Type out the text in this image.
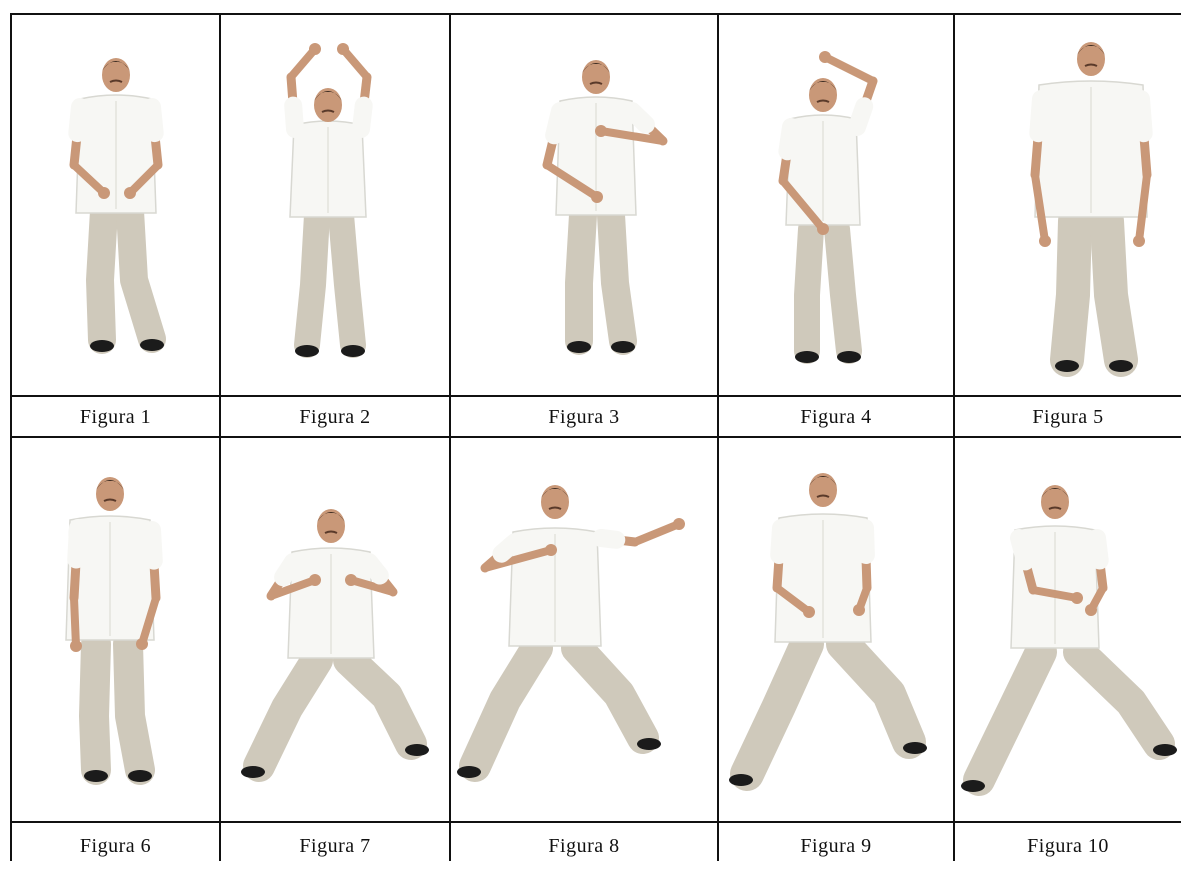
Figura 1	Figura 2	Figura 3	Figura 4	Figura 5
Figura 6	Figura 7	Figura 8	Figura 9	Figura 10
